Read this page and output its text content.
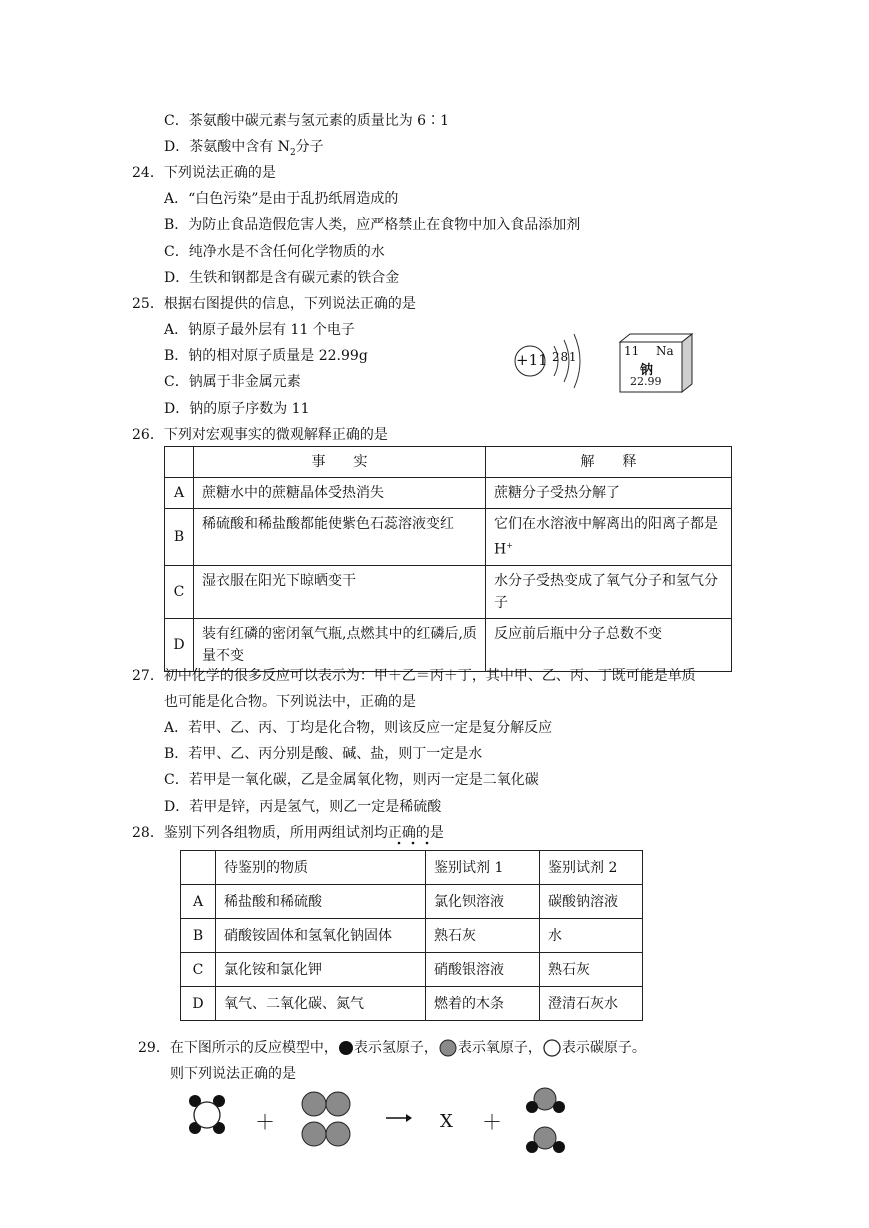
C．茶氨酸中碳元素与氢元素的质量比为 6∶1
D．茶氨酸中含有 $N_2$分子
24．下列说法正确的是
A．“白色污染”是由于乱扔纸屑造成的
B．为防止食品造假危害人类，应严格禁止在食物中加入食品添加剂
C．纯净水是不含任何化学物质的水
D．生铁和钢都是含有碳元素的铁合金
25．根据右图提供的信息，下列说法正确的是
A．钠原子最外层有 11 个电子
B．钠的相对原子质量是 22.99g
C．钠属于非金属元素
D．钠的原子序数为 11
+11 2 8 1	11 Na
钠
22.99
26．下列对宏观事实的微观解释正确的是
	事　　实	解　　释
A	蔗糖水中的蔗糖晶体受热消失	蔗糖分子受热分解了
B	稀硫酸和稀盐酸都能使紫色石蕊溶液变红	它们在水溶液中解离出的阳离子都是 H+
C	湿衣服在阳光下晾晒变干	水分子受热变成了氧气分子和氢气分子
D	装有红磷的密闭氧气瓶,点燃其中的红磷后,质量不变	反应前后瓶中分子总数不变
27．初中化学的很多反应可以表示为：甲＋乙＝丙＋丁，其中甲、乙、丙、丁既可能是单质
也可能是化合物。下列说法中，正确的是
A．若甲、乙、丙、丁均是化合物，则该反应一定是复分解反应
B．若甲、乙、丙分别是酸、碱、盐，则丁一定是水
C．若甲是一氧化碳，乙是金属氧化物，则丙一定是二氧化碳
D．若甲是锌，丙是氢气，则乙一定是稀硫酸
28．鉴别下列各组物质，所用两组试剂均正确的是
	待鉴别的物质	鉴别试剂 1	鉴别试剂 2
A	稀盐酸和稀硫酸	氯化钡溶液	碳酸钠溶液
B	硝酸铵固体和氢氧化钠固体	熟石灰	水
C	氯化铵和氯化钾	硝酸银溶液	熟石灰
D	氧气、二氧化碳、氮气	燃着的木条	澄清石灰水
29．在下图所示的反应模型中， 表示氢原子， 表示氧原子， 表示碳原子。
则下列说法正确的是
＋	X ＋
